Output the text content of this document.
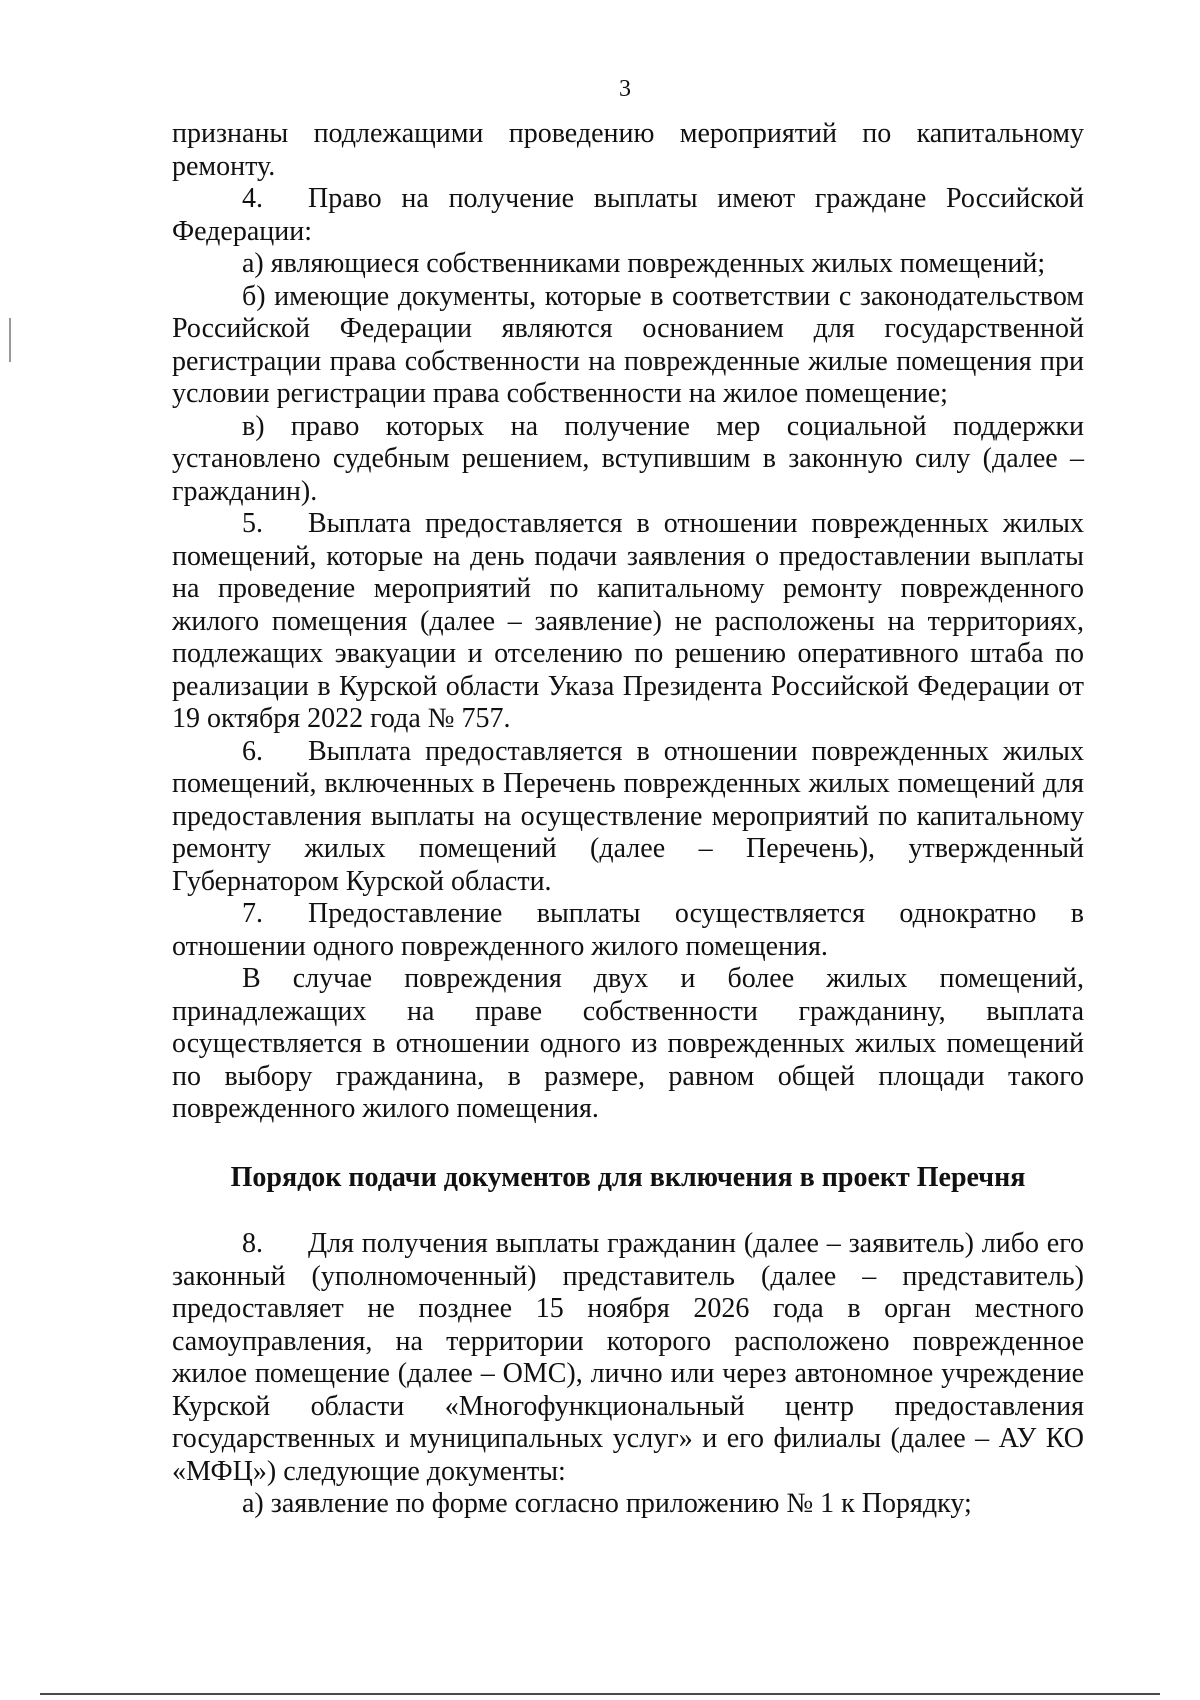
3

признаны подлежащими проведению мероприятий по капитальному ремонту.

4. Право на получение выплаты имеют граждане Российской Федерации:

а) являющиеся собственниками поврежденных жилых помещений;

б) имеющие документы, которые в соответствии с законодательством Российской Федерации являются основанием для государственной регистрации права собственности на поврежденные жилые помещения при условии регистрации права собственности на жилое помещение;

в) право которых на получение мер социальной поддержки установлено судебным решением, вступившим в законную силу (далее – гражданин).

5. Выплата предоставляется в отношении поврежденных жилых помещений, которые на день подачи заявления о предоставлении выплаты на проведение мероприятий по капитальному ремонту поврежденного жилого помещения (далее – заявление) не расположены на территориях, подлежащих эвакуации и отселению по решению оперативного штаба по реализации в Курской области Указа Президента Российской Федерации от 19 октября 2022 года № 757.

6. Выплата предоставляется в отношении поврежденных жилых помещений, включенных в Перечень поврежденных жилых помещений для предоставления выплаты на осуществление мероприятий по капитальному ремонту жилых помещений (далее – Перечень), утвержденный Губернатором Курской области.

7. Предоставление выплаты осуществляется однократно в отношении одного поврежденного жилого помещения.

В случае повреждения двух и более жилых помещений, принадлежащих на праве собственности гражданину, выплата осуществляется в отношении одного из поврежденных жилых помещений по выбору гражданина, в размере, равном общей площади такого поврежденного жилого помещения.

Порядок подачи документов для включения в проект Перечня

8. Для получения выплаты гражданин (далее – заявитель) либо его законный (уполномоченный) представитель (далее – представитель) предоставляет не позднее 15 ноября 2026 года в орган местного самоуправления, на территории которого расположено поврежденное жилое помещение (далее – ОМС), лично или через автономное учреждение Курской области «Многофункциональный центр предоставления государственных и муниципальных услуг» и его филиалы (далее – АУ КО «МФЦ») следующие документы:

а) заявление по форме согласно приложению № 1 к Порядку;
